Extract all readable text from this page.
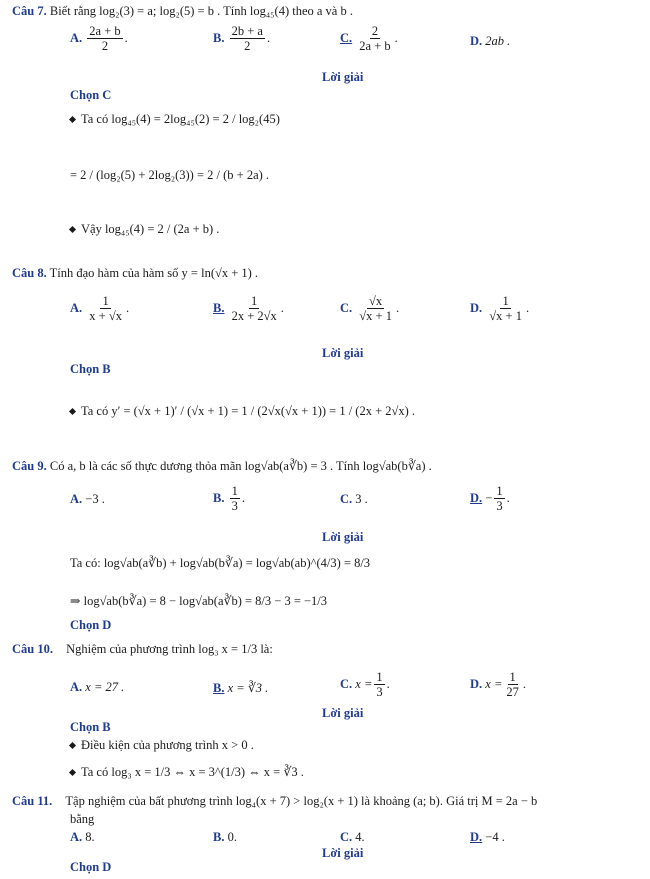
Câu 7. Biết rằng log₂(3) = a; log₂(5) = b . Tính log₄₅(4) theo a và b .
A. $\frac{2a + b}{2}$ .	B. $\frac{2b + a}{2}$ .	C. $\frac{2}{2a + b}$ .	D. 2ab .
Lời giải
Chọn C
Ta có log₄₅(4) = 2log₄₅(2) = 2 / log₂(45)
= 2 / (log₂(5) + 2log₂(3)) = 2 / (b + 2a) .
Vậy log₄₅(4) = 2 / (2a + b) .
Câu 8. Tính đạo hàm của hàm số y = ln(√x + 1) .
A. $\frac{1}{x + √x}$ .	B. $\frac{1}{2x + 2√x}$ .	C. $\frac{√x}{√x + 1}$ .	D. $\frac{1}{√x + 1}$ .
Lời giải
Chọn B
Ta có y′ = (√x + 1)′ / (√x + 1) = 1 / (2√x(√x + 1)) = 1 / (2x + 2√x) .
Câu 9. Có a, b là các số thực dương thỏa mãn log√ab(a∛b) = 3 . Tính log√ab(b∛a) .
A. −3 .	B. $\frac{1}{3}$ .	C. 3 .	D. − $\frac{1}{3}$ .
Lời giải
Ta có: log√ab(a∛b) + log√ab(b∛a) = log√ab(ab)^(4/3) = 8/3
⇒ log√ab(b∛a) = 8 − log√ab(a∛b) = 8/3 − 3 = −1/3
Chọn D
Câu 10. Nghiệm của phương trình log₃ x = 1/3 là:
A. x = 27 .	B. x = ∛3 .	C. $x = \frac{1}{3}$ .	D. $x = \frac{1}{27}$ .
Lời giải
Chọn B
Điều kiện của phương trình x > 0 .
Ta có log₃ x = 1/3 ⇔ x = 3^(1/3) ⇔ x = ∛3 .
Câu 11. Tập nghiệm của bất phương trình log₄(x + 7) > log₂(x + 1) là khoảng (a; b). Giá trị M = 2a − b
bằng
A. 8.	B. 0.	C. 4.	D. −4 .
Lời giải
Chọn D
